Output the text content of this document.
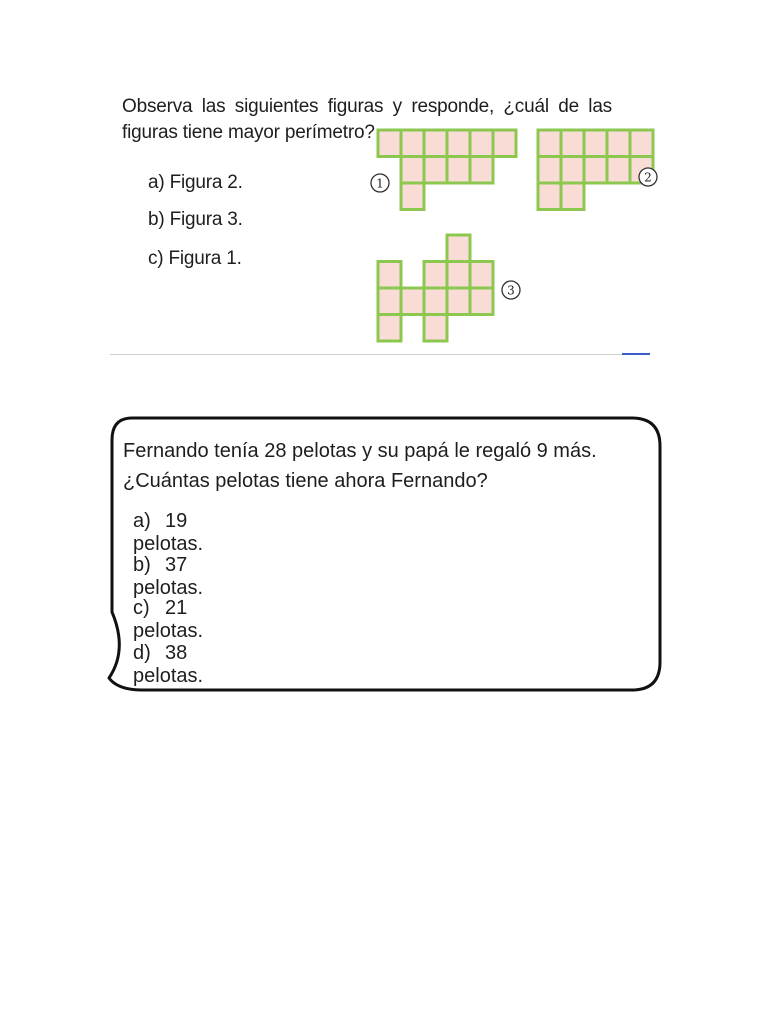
Observa las siguientes figuras y responde, ¿cuál de las
figuras tiene mayor perímetro?
a) Figura 2.
b) Figura 3.
c) Figura 1.
1	2
3
Fernando tenía 28 pelotas y su papá le regaló 9 más.
¿Cuántas pelotas tiene ahora Fernando?
a) 19 pelotas.
b) 37 pelotas.
c) 21 pelotas.
d) 38 pelotas.
